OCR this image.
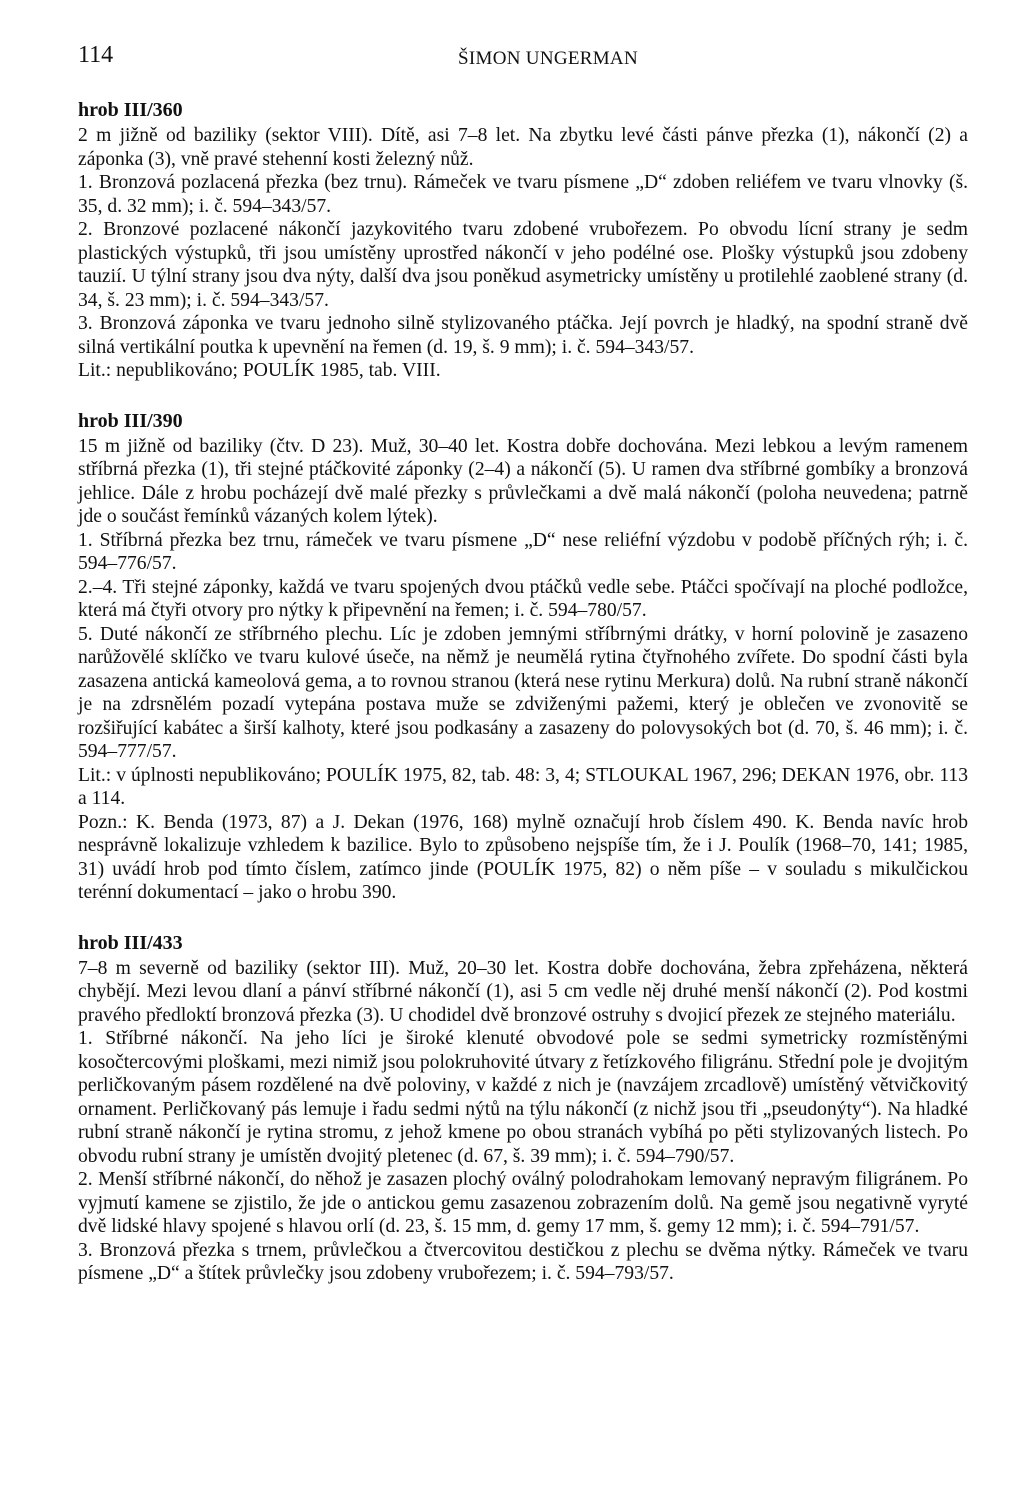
114	ŠIMON UNGERMAN
hrob III/360

2 m jižně od baziliky (sektor VIII). Dítě, asi 7–8 let. Na zbytku levé části pánve přezka (1), nákončí (2) a záponka (3), vně pravé stehenní kosti železný nůž.

1. Bronzová pozlacená přezka (bez trnu). Rámeček ve tvaru písmene „D“ zdoben reliéfem ve tvaru vlnovky (š. 35, d. 32 mm); i. č. 594–343/57.

2. Bronzové pozlacené nákončí jazykovitého tvaru zdobené vrubořezem. Po obvodu lícní strany je sedm plastických výstupků, tři jsou umístěny uprostřed nákončí v jeho podélné ose. Plošky výstupků jsou zdobeny tauzií. U týlní strany jsou dva nýty, další dva jsou poněkud asymetricky umístěny u protilehlé zaoblené strany (d. 34, š. 23 mm); i. č. 594–343/57.

3. Bronzová záponka ve tvaru jednoho silně stylizovaného ptáčka. Její povrch je hladký, na spodní straně dvě silná vertikální poutka k upevnění na řemen (d. 19, š. 9 mm); i. č. 594–343/57.

Lit.: nepublikováno; POULÍK 1985, tab. VIII.

hrob III/390

15 m jižně od baziliky (čtv. D 23). Muž, 30–40 let. Kostra dobře dochována. Mezi lebkou a levým ramenem stříbrná přezka (1), tři stejné ptáčkovité záponky (2–4) a nákončí (5). U ramen dva stříbrné gombíky a bronzová jehlice. Dále z hrobu pocházejí dvě malé přezky s průvlečkami a dvě malá nákončí (poloha neuvedena; patrně jde o součást řemínků vázaných kolem lýtek).

1. Stříbrná přezka bez trnu, rámeček ve tvaru písmene „D“ nese reliéfní výzdobu v podobě příčných rýh; i. č. 594–776/57.

2.–4. Tři stejné záponky, každá ve tvaru spojených dvou ptáčků vedle sebe. Ptáčci spočívají na ploché podložce, která má čtyři otvory pro nýtky k připevnění na řemen; i. č. 594–780/57.

5. Duté nákončí ze stříbrného plechu. Líc je zdoben jemnými stříbrnými drátky, v horní polovině je zasazeno narůžovělé sklíčko ve tvaru kulové úseče, na němž je neumělá rytina čtyřnohého zvířete. Do spodní části byla zasazena antická kameolová gema, a to rovnou stranou (která nese rytinu Merkura) dolů. Na rubní straně nákončí je na zdrsnělém pozadí vytepána postava muže se zdviženými pažemi, který je oblečen ve zvonovitě se rozšiřující kabátec a širší kalhoty, které jsou podkasány a zasazeny do polovysokých bot (d. 70, š. 46 mm); i. č. 594–777/57.

Lit.: v úplnosti nepublikováno; POULÍK 1975, 82, tab. 48: 3, 4; STLOUKAL 1967, 296; DEKAN 1976, obr. 113 a 114.

Pozn.: K. Benda (1973, 87) a J. Dekan (1976, 168) mylně označují hrob číslem 490. K. Benda navíc hrob nesprávně lokalizuje vzhledem k bazilice. Bylo to způsobeno nejspíše tím, že i J. Poulík (1968–70, 141; 1985, 31) uvádí hrob pod tímto číslem, zatímco jinde (POULÍK 1975, 82) o něm píše – v souladu s mikulčickou terénní dokumentací – jako o hrobu 390.

hrob III/433

7–8 m severně od baziliky (sektor III). Muž, 20–30 let. Kostra dobře dochována, žebra zpřeházena, některá chybějí. Mezi levou dlaní a pánví stříbrné nákončí (1), asi 5 cm vedle něj druhé menší nákončí (2). Pod kostmi pravého předloktí bronzová přezka (3). U chodidel dvě bronzové ostruhy s dvojicí přezek ze stejného materiálu.

1. Stříbrné nákončí. Na jeho líci je široké klenuté obvodové pole se sedmi symetricky rozmístěnými kosočtercovými ploškami, mezi nimiž jsou polokruhovité útvary z řetízkového filigránu. Střední pole je dvojitým perličkovaným pásem rozdělené na dvě poloviny, v každé z nich je (navzájem zrcadlově) umístěný větvičkovitý ornament. Perličkovaný pás lemuje i řadu sedmi nýtů na týlu nákončí (z nichž jsou tři „pseudonýty“). Na hladké rubní straně nákončí je rytina stromu, z jehož kmene po obou stranách vybíhá po pěti stylizovaných listech. Po obvodu rubní strany je umístěn dvojitý pletenec (d. 67, š. 39 mm); i. č. 594–790/57.

2. Menší stříbrné nákončí, do něhož je zasazen plochý oválný polodrahokam lemovaný nepravým filigránem. Po vyjmutí kamene se zjistilo, že jde o antickou gemu zasazenou zobrazením dolů. Na gemě jsou negativně vyryté dvě lidské hlavy spojené s hlavou orlí (d. 23, š. 15 mm, d. gemy 17 mm, š. gemy 12 mm); i. č. 594–791/57.

3. Bronzová přezka s trnem, průvlečkou a čtvercovitou destičkou z plechu se dvěma nýtky. Rámeček ve tvaru písmene „D“ a štítek průvlečky jsou zdobeny vrubořezem; i. č. 594–793/57.
